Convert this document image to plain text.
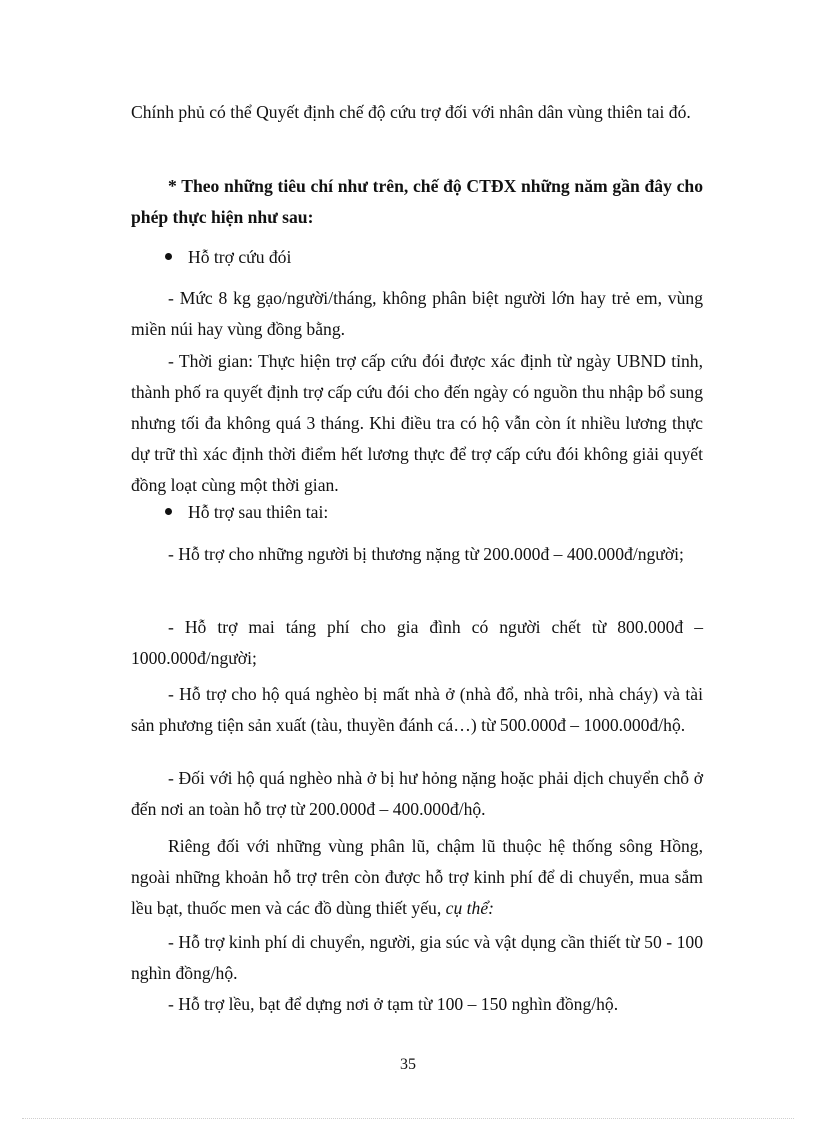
Chính phủ có thể Quyết định chế độ cứu trợ đối với nhân dân vùng thiên tai đó.

* Theo những tiêu chí như trên, chế độ CTĐX những năm gần đây cho phép thực hiện như sau:

Hỗ trợ cứu đói

- Mức 8 kg gạo/người/tháng, không phân biệt người lớn hay trẻ em, vùng miền núi hay vùng đồng bằng.

- Thời gian: Thực hiện trợ cấp cứu đói được xác định từ ngày UBND tỉnh, thành phố ra quyết định trợ cấp cứu đói cho đến ngày có nguồn thu nhập bổ sung nhưng tối đa không quá 3 tháng. Khi điều tra có hộ vẫn còn ít nhiều lương thực dự trữ thì xác định thời điểm hết lương thực để trợ cấp cứu đói không giải quyết đồng loạt cùng một thời gian.

Hỗ trợ sau thiên tai:

- Hỗ trợ cho những người bị thương nặng từ 200.000đ – 400.000đ/người;

- Hỗ trợ mai táng phí cho gia đình có người chết từ 800.000đ – 1000.000đ/người;

- Hỗ trợ cho hộ quá nghèo bị mất nhà ở (nhà đổ, nhà trôi, nhà cháy) và tài sản phương tiện sản xuất (tàu, thuyền đánh cá…) từ 500.000đ – 1000.000đ/hộ.

- Đối với hộ quá nghèo nhà ở bị hư hỏng nặng hoặc phải dịch chuyển chỗ ở đến nơi an toàn hỗ trợ từ 200.000đ – 400.000đ/hộ.

Riêng đối với những vùng phân lũ, chậm lũ thuộc hệ thống sông Hồng, ngoài những khoản hỗ trợ trên còn được hỗ trợ kinh phí để di chuyển, mua sắm lều bạt, thuốc men và các đồ dùng thiết yếu, cụ thể:

- Hỗ trợ kinh phí di chuyển, người, gia súc và vật dụng cần thiết từ 50 - 100 nghìn đồng/hộ.

- Hỗ trợ lều, bạt để dựng nơi ở tạm từ 100 – 150 nghìn đồng/hộ.

35
